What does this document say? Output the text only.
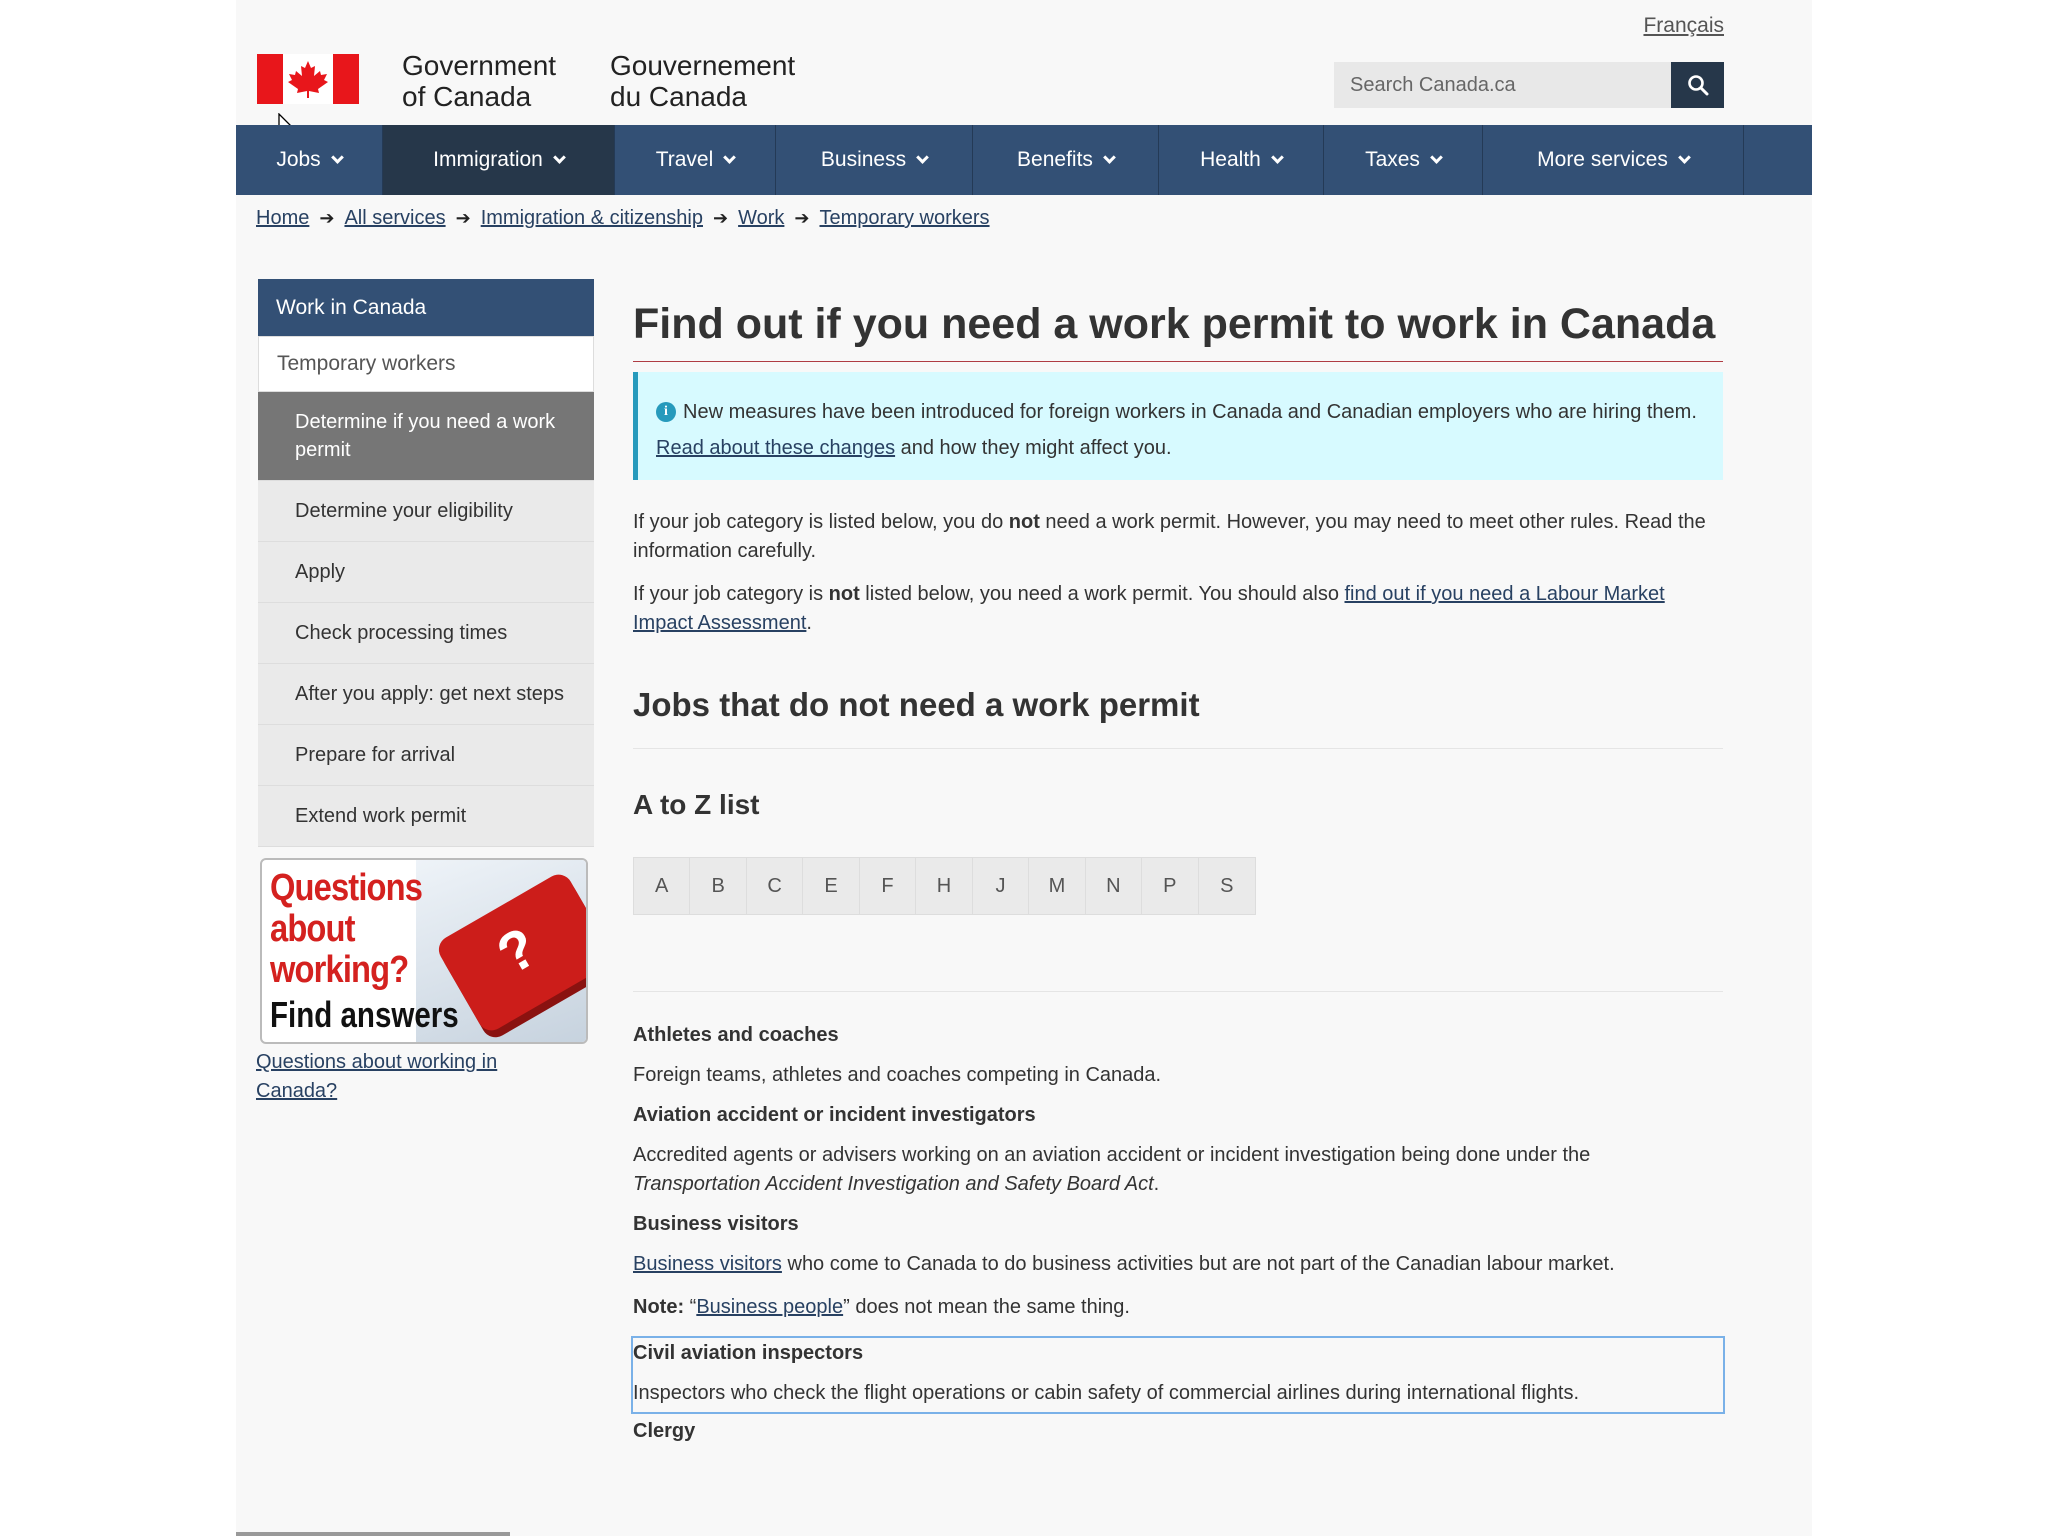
Français
Government
of Canada
Gouvernement
du Canada
Search Canada.ca
Jobs	Immigration	Travel	Business	Benefits	Health	Taxes	More services
Home ➔ All services ➔ Immigration & citizenship ➔ Work ➔ Temporary workers
Work in Canada
Temporary workers
Determine if you need a work permit
Determine your eligibility
Apply
Check processing times
After you apply: get next steps
Prepare for arrival
Extend work permit
?
Questions
about
working?
Find answers
Questions about working in Canada?
Find out if you need a work permit to work in Canada
i New measures have been introduced for foreign workers in Canada and Canadian employers who are hiring them.

Read about these changes and how they might affect you.

If your job category is listed below, you do not need a work permit. However, you may need to meet other rules. Read the information carefully.

If your job category is not listed below, you need a work permit. You should also find out if you need a Labour Market Impact Assessment.

Jobs that do not need a work permit
A to Z list
A	B	C	E	F	H	J	M	N	P	S
Athletes and coaches

Foreign teams, athletes and coaches competing in Canada.

Aviation accident or incident investigators

Accredited agents or advisers working on an aviation accident or incident investigation being done under the Transportation Accident Investigation and Safety Board Act.

Business visitors

Business visitors who come to Canada to do business activities but are not part of the Canadian labour market.

Note: “Business people” does not mean the same thing.

Civil aviation inspectors

Inspectors who check the flight operations or cabin safety of commercial airlines during international flights.

Clergy
